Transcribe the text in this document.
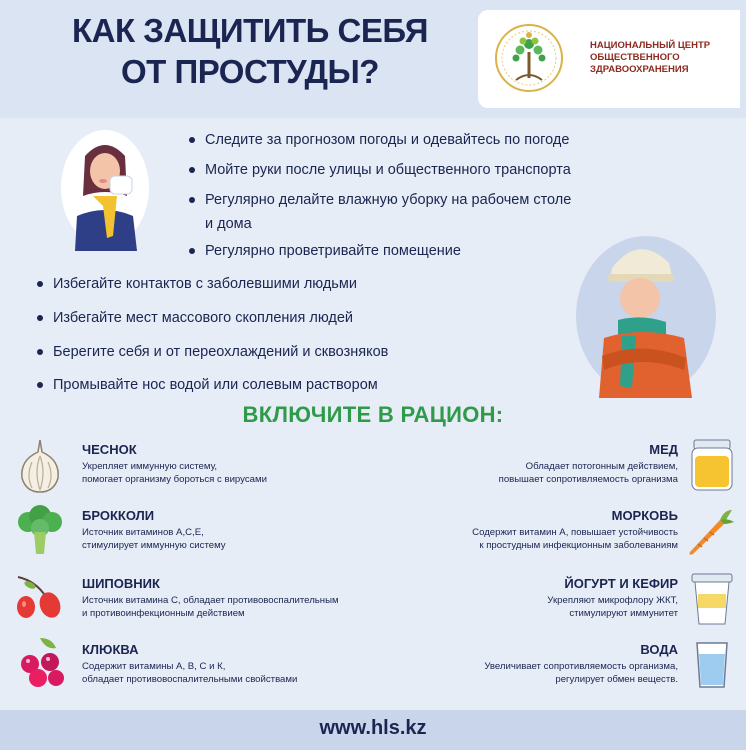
КАК ЗАЩИТИТЬ СЕБЯ
ОТ ПРОСТУДЫ?
НАЦИОНАЛЬНЫЙ ЦЕНТР
ОБЩЕСТВЕННОГО
ЗДРАВООХРАНЕНИЯ
Следите за прогнозом погоды и одевайтесь по погоде
Мойте руки после улицы и общественного транспорта
Регулярно делайте влажную уборку на рабочем столе
и дома
Регулярно проветривайте помещение
Избегайте контактов с заболевшими людьми
Избегайте мест массового скопления людей
Берегите себя и от переохлаждений и сквозняков
Промывайте нос водой или солевым раствором
ВКЛЮЧИТЕ В РАЦИОН:
ЧЕСНОК
Укрепляет иммунную систему,
помогает организму бороться с вирусами
БРОККОЛИ
Источник витаминов А,С,Е,
стимулирует иммунную систему
ШИПОВНИК
Источник витамина С, обладает противовоспалительным
и противоинфекционным действием
КЛЮКВА
Содержит витамины А, В, С и К,
обладает противовоспалительными свойствами
МЕД
Обладает потогонным действием,
повышает сопротивляемость организма
МОРКОВЬ
Содержит витамин А, повышает устойчивость
к простудным инфекционным заболеваниям
ЙОГУРТ И КЕФИР
Укрепляют микрофлору ЖКТ,
стимулируют иммунитет
ВОДА
Увеличивает сопротивляемость организма,
регулирует обмен веществ.
www.hls.kz
